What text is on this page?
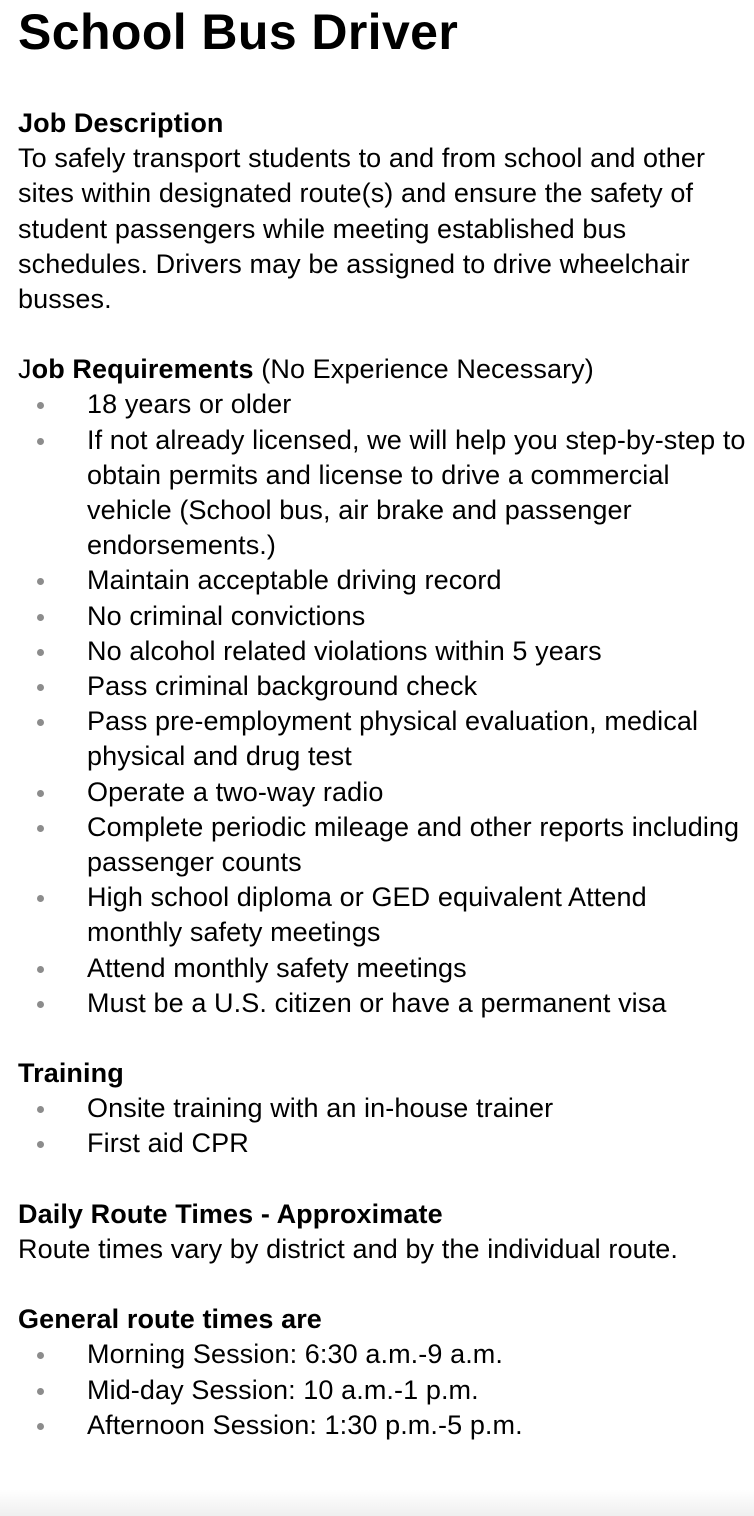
School Bus Driver

Job Description

To safely transport students to and from school and other sites within designated route(s) and ensure the safety of student passengers while meeting established bus schedules. Drivers may be assigned to drive wheelchair busses.

Job Requirements (No Experience Necessary)

18 years or older
If not already licensed, we will help you step-by-step to obtain permits and license to drive a commercial vehicle (School bus, air brake and passenger endorsements.)
Maintain acceptable driving record
No criminal convictions
No alcohol related violations within 5 years
Pass criminal background check
Pass pre-employment physical evaluation, medical physical and drug test
Operate a two-way radio
Complete periodic mileage and other reports including passenger counts
High school diploma or GED equivalent Attend monthly safety meetings
Attend monthly safety meetings
Must be a U.S. citizen or have a permanent visa

Training

Onsite training with an in-house trainer
First aid CPR

Daily Route Times - Approximate

Route times vary by district and by the individual route.

General route times are

Morning Session: 6:30 a.m.-9 a.m.
Mid-day Session: 10 a.m.-1 p.m.
Afternoon Session: 1:30 p.m.-5 p.m.
